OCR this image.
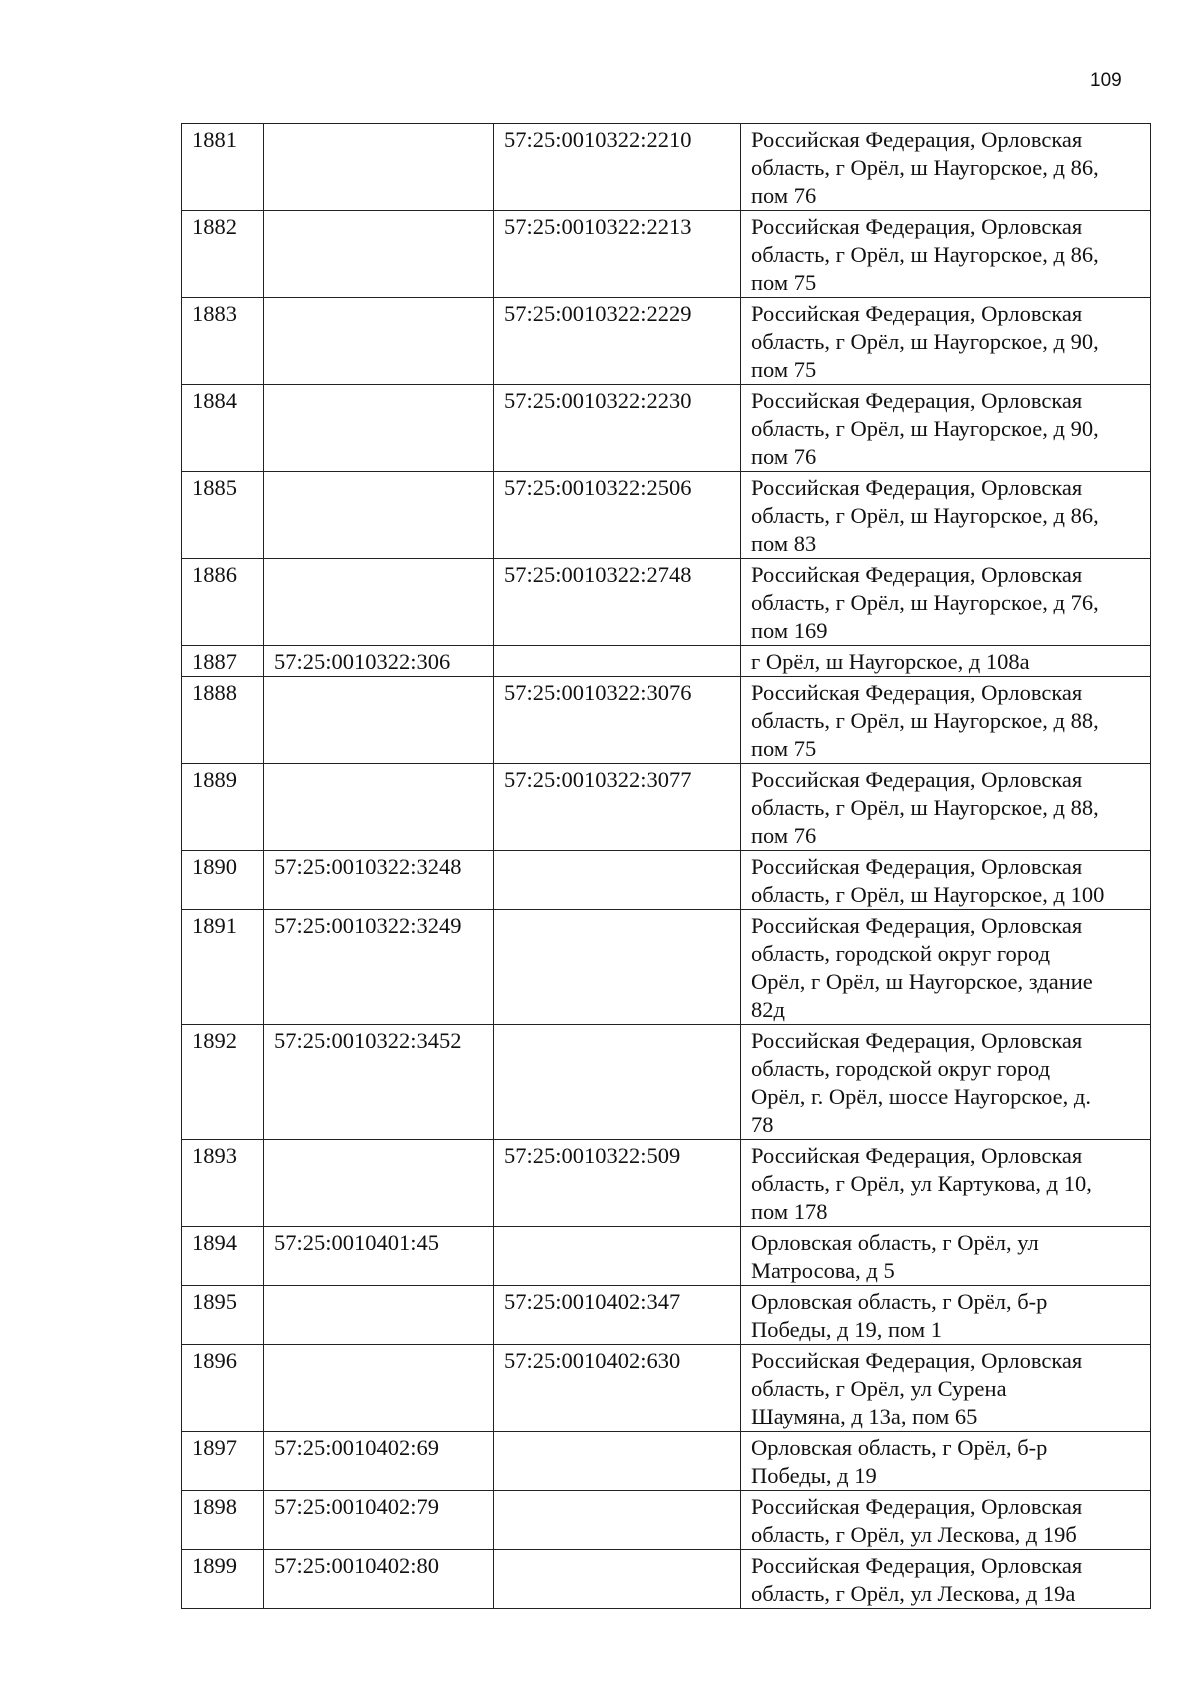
109
1881		57:25:0010322:2210	Российская Федерация, Орловская
область, г Орёл, ш Наугорское, д 86,
пом 76
1882		57:25:0010322:2213	Российская Федерация, Орловская
область, г Орёл, ш Наугорское, д 86,
пом 75
1883		57:25:0010322:2229	Российская Федерация, Орловская
область, г Орёл, ш Наугорское, д 90,
пом 75
1884		57:25:0010322:2230	Российская Федерация, Орловская
область, г Орёл, ш Наугорское, д 90,
пом 76
1885		57:25:0010322:2506	Российская Федерация, Орловская
область, г Орёл, ш Наугорское, д 86,
пом 83
1886		57:25:0010322:2748	Российская Федерация, Орловская
область, г Орёл, ш Наугорское, д 76,
пом 169
1887	57:25:0010322:306		г Орёл, ш Наугорское, д 108а
1888		57:25:0010322:3076	Российская Федерация, Орловская
область, г Орёл, ш Наугорское, д 88,
пом 75
1889		57:25:0010322:3077	Российская Федерация, Орловская
область, г Орёл, ш Наугорское, д 88,
пом 76
1890	57:25:0010322:3248		Российская Федерация, Орловская
область, г Орёл, ш Наугорское, д 100
1891	57:25:0010322:3249		Российская Федерация, Орловская
область, городской округ город
Орёл, г Орёл, ш Наугорское, здание
82д
1892	57:25:0010322:3452		Российская Федерация, Орловская
область, городской округ город
Орёл, г. Орёл, шоссе Наугорское, д.
78
1893		57:25:0010322:509	Российская Федерация, Орловская
область, г Орёл, ул Картукова, д 10,
пом 178
1894	57:25:0010401:45		Орловская область, г Орёл, ул
Матросова, д 5
1895		57:25:0010402:347	Орловская область, г Орёл, б-р
Победы, д 19, пом 1
1896		57:25:0010402:630	Российская Федерация, Орловская
область, г Орёл, ул Сурена
Шаумяна, д 13а, пом 65
1897	57:25:0010402:69		Орловская область, г Орёл, б-р
Победы, д 19
1898	57:25:0010402:79		Российская Федерация, Орловская
область, г Орёл, ул Лескова, д 19б
1899	57:25:0010402:80		Российская Федерация, Орловская
область, г Орёл, ул Лескова, д 19а
